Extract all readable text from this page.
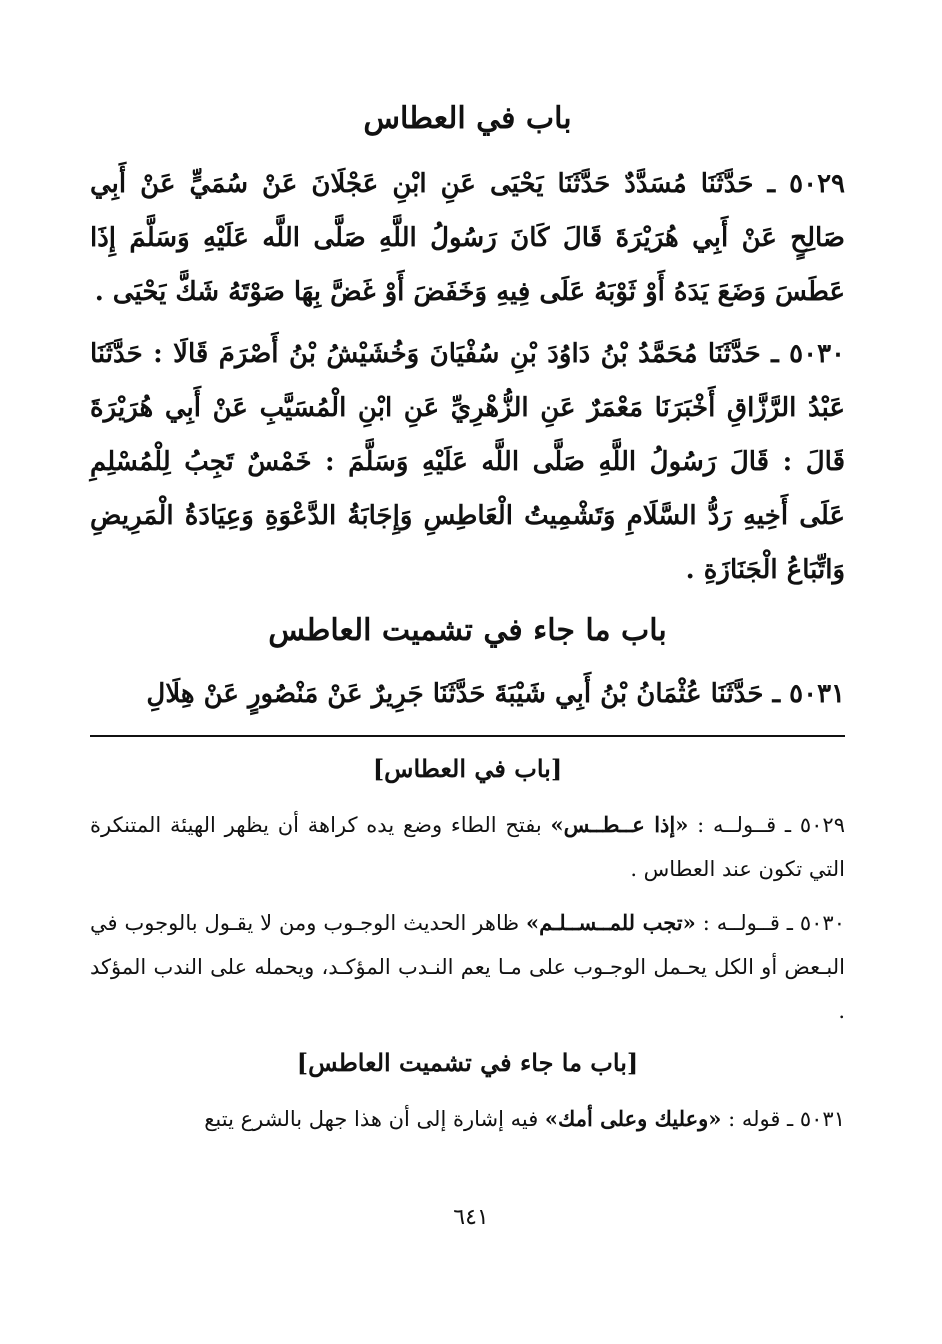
باب في العطاس

٥٠٢٩ ـ حَدَّثَنَا مُسَدَّدٌ حَدَّثَنَا يَحْيَى عَنِ ابْنِ عَجْلَانَ عَنْ سُمَيٍّ عَنْ أَبِي صَالِحٍ عَنْ أَبِي هُرَيْرَةَ قَالَ كَانَ رَسُولُ اللَّهِ صَلَّى اللَّه عَلَيْهِ وَسَلَّمَ إِذَا عَطَسَ وَضَعَ يَدَهُ أَوْ ثَوْبَهُ عَلَى فِيهِ وَخَفَضَ أَوْ غَضَّ بِهَا صَوْتَهُ شَكَّ يَحْيَى .

٥٠٣٠ ـ حَدَّثَنَا مُحَمَّدُ بْنُ دَاوُدَ بْنِ سُفْيَانَ وَخُشَيْشُ بْنُ أَصْرَمَ قَالَا : حَدَّثَنَا عَبْدُ الرَّزَّاقِ أَخْبَرَنَا مَعْمَرٌ عَنِ الزُّهْرِيِّ عَنِ ابْنِ الْمُسَيَّبِ عَنْ أَبِي هُرَيْرَةَ قَالَ : قَالَ رَسُولُ اللَّهِ صَلَّى اللَّه عَلَيْهِ وَسَلَّمَ : خَمْسٌ تَجِبُ لِلْمُسْلِمِ عَلَى أَخِيهِ رَدُّ السَّلَامِ وَتَشْمِيتُ الْعَاطِسِ وَإِجَابَةُ الدَّعْوَةِ وَعِيَادَةُ الْمَرِيضِ وَاتِّبَاعُ الْجَنَازَةِ .

باب ما جاء في تشميت العاطس

٥٠٣١ ـ حَدَّثَنَا عُثْمَانُ بْنُ أَبِي شَيْبَةَ حَدَّثَنَا جَرِيرٌ عَنْ مَنْصُورٍ عَنْ هِلَالِ

[باب في العطاس]

٥٠٢٩ ـ قــولــه : «إذا عــطــس» بفتح الطاء وضع يده كراهة أن يظهر الهيئة المتنكرة التي تكون عند العطاس .

٥٠٣٠ ـ قــولــه : «تجب للمــســلـم» ظاهر الحديث الوجـوب ومن لا يقـول بالوجوب في البـعض أو الكل يحـمل الوجـوب على مـا يعم النـدب المؤكـد، ويحمله على الندب المؤكد .

[باب ما جاء في تشميت العاطس]

٥٠٣١ ـ قوله : «وعليك وعلى أمك» فيه إشارة إلى أن هذا جهل بالشرع يتبع

٦٤١
